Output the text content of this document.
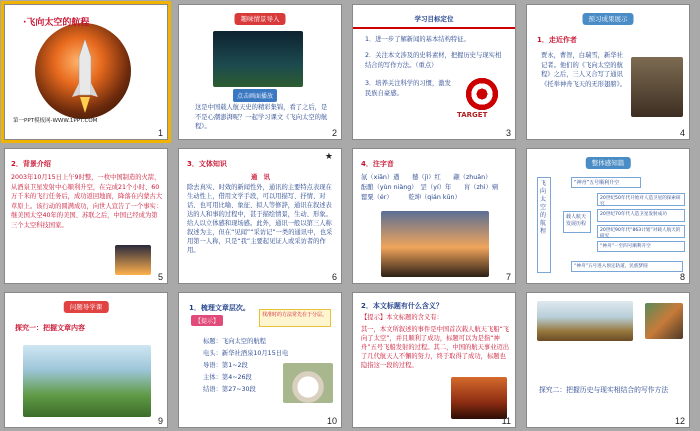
·飞向太空的航程
第一PPT模板网-WWW.1PPT.COM
1
趣味情景导入
点击画面播放
这是中国载人航天史的精彩集锦，看了之后，是不是心潮澎湃呢？一起学习课文《飞向太空的航程》。
2
学习目标定位
1．进一步了解新闻的基本结构特征。
2．关注本文涉及的史料素材，把握历史与现实相结合的写作方法。（重点）
3．培养关注科学的习惯，激发民族自豪感。
TARGET
3
预习成果展示
1．走近作者
贾永，曹智，白瑞雪，新华社记者。他们的《飞向太空的航程》之后，三人又合写了通讯《托举神舟飞天的无形翅膀》。
4
2．背景介绍
2003年10月15日上午9时整，一枚中国制造的火箭，从酒泉卫星发射中心顺利升空，在完成21个小时、60万千米的飞行任务后，成功返回地面，降落在内蒙古大草原上。该行动的圆满成功，向世人宣告了一个事实：继美国太空40年的美国、苏联之后，中国已经成为第三个太空科技国家。
5
3．文体知识
★
通　讯
除去真实、时效的新闻性外，通讯的主要特点表现在生动性上，借用文学手段，可以用描写、抒情、对话、也可用比喻、象征、拟人等修辞，通讯在叙述表达的人和事的过程中，甚于描绘情景，生动、形象。给人以立体感和现场感。此外，通讯一般以第三人称叙述为主，但在“见闻”“采访记”一类的通讯中，也采用第一人称，只是“我”主要起见证人或采访者的作用。
6
4．注字音
氙（xiān）遒　　撼（jì）红　　颛（zhuān）
酝酿（yùn niàng）　罡（yí）年　　肓（zhì）剜
罂粟（ér）　　　乾坤（qián kūn）
7
整体感知篇
飞向太空的航程
“神舟”五号顺利升空
载人航天发展历程
20世纪50年代开始对人造卫星的探索研究
20世纪70年代人造卫星发射成功
20世纪90年代“863计划”对载人航天的研究
“神舟”一至四号顺利升空
“神舟”五号进入预定轨道，民族梦圆
8
问题导学课
探究一：把握文章内容
9
1．梳理文章层次。
【提示】
找准时的方法常先在于分层。
标题：飞向太空的航程
电头：新华社酒泉10月15日电
导语：第1~2段
主体：第4~26段
结语：第27~30段
10
2．本文标题有什么含义？
【提示】本文标题的含义有：
其一，本文所叙述的事件是中国首次载人航天飞船“飞向了太空”，并且顺利了成功，标题可以为是指“神舟”五号飞船发射的过程。其二，中国的航天事业迈出了几代航天人不懈的努力，终于取得了成功，标题也隐指这一段的过程。
11
探究二：把握历史与现实相结合的写作方法
12
